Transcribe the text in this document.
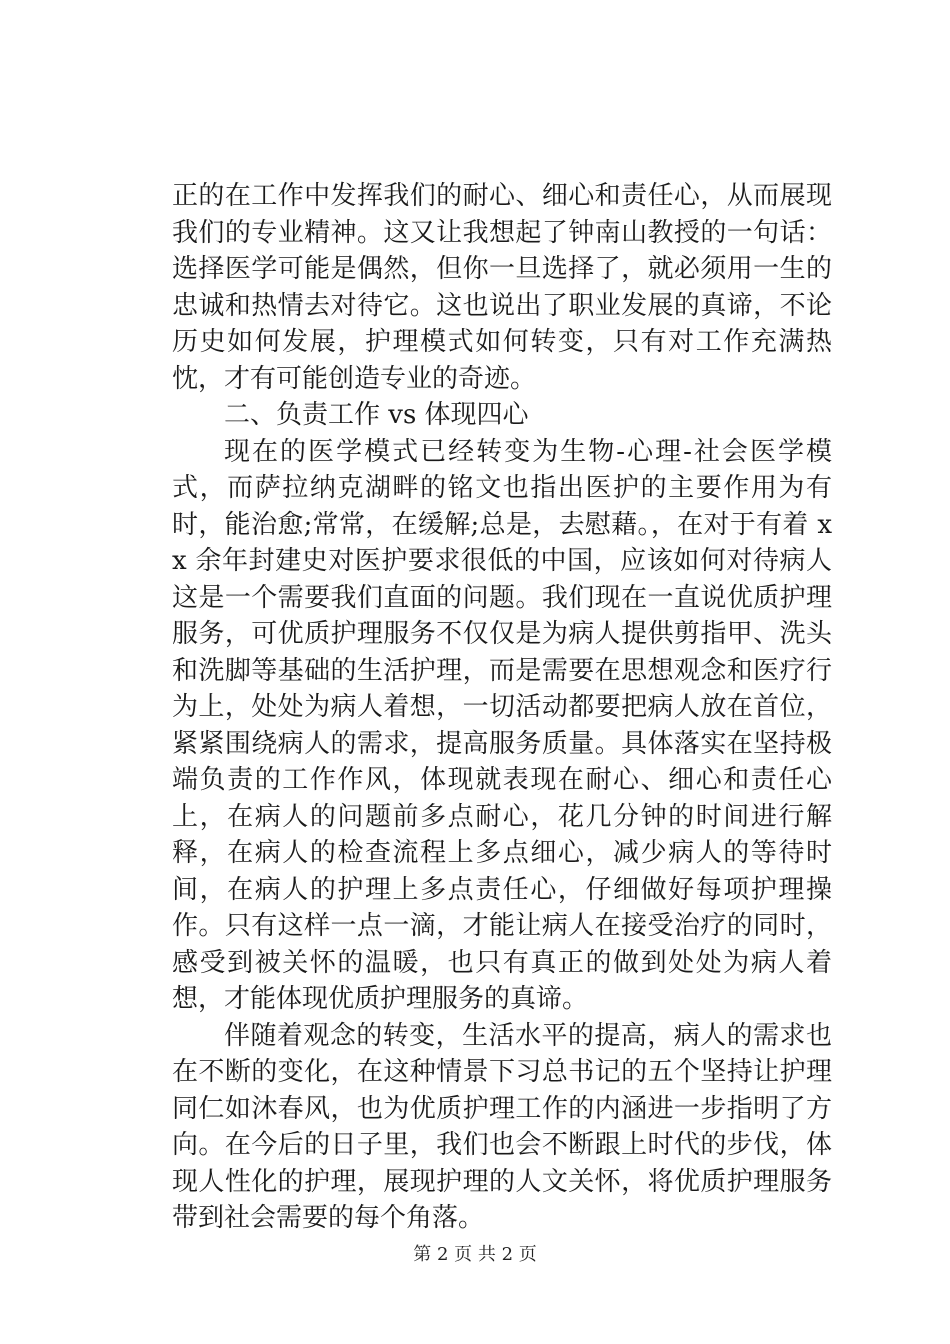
正的在工作中发挥我们的耐心、细心和责任心，从而展现我们的专业精神。这又让我想起了钟南山教授的一句话：选择医学可能是偶然，但你一旦选择了，就必须用一生的忠诚和热情去对待它。这也说出了职业发展的真谛，不论历史如何发展，护理模式如何转变，只有对工作充满热忱，才有可能创造专业的奇迹。

二、负责工作 vs 体现四心

现在的医学模式已经转变为生物-心理-社会医学模式，而萨拉纳克湖畔的铭文也指出医护的主要作用为有时，能治愈;常常，在缓解;总是，去慰藉。，在对于有着 xx 余年封建史对医护要求很低的中国，应该如何对待病人这是一个需要我们直面的问题。我们现在一直说优质护理服务，可优质护理服务不仅仅是为病人提供剪指甲、洗头和洗脚等基础的生活护理，而是需要在思想观念和医疗行为上，处处为病人着想，一切活动都要把病人放在首位，紧紧围绕病人的需求，提高服务质量。具体落实在坚持极端负责的工作作风，体现就表现在耐心、细心和责任心上，在病人的问题前多点耐心，花几分钟的时间进行解释，在病人的检查流程上多点细心，减少病人的等待时间，在病人的护理上多点责任心，仔细做好每项护理操作。只有这样一点一滴，才能让病人在接受治疗的同时，感受到被关怀的温暖，也只有真正的做到处处为病人着想，才能体现优质护理服务的真谛。

伴随着观念的转变，生活水平的提高，病人的需求也在不断的变化，在这种情景下习总书记的五个坚持让护理同仁如沐春风，也为优质护理工作的内涵进一步指明了方向。在今后的日子里，我们也会不断跟上时代的步伐，体现人性化的护理，展现护理的人文关怀，将优质护理服务带到社会需要的每个角落。

第 2 页 共 2 页
